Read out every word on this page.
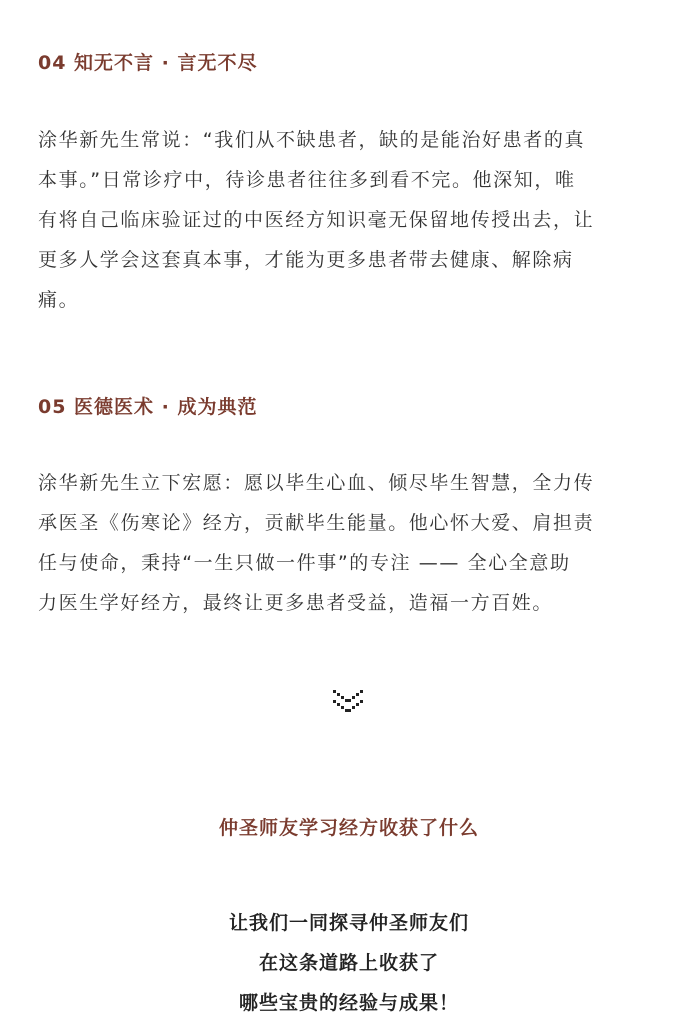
04 知无不言 · 言无不尽
涂华新先生常说：“我们从不缺患者，缺的是能治好患者的真
本事。”日常诊疗中，待诊患者往往多到看不完。他深知，唯
有将自己临床验证过的中医经方知识毫无保留地传授出去，让
更多人学会这套真本事，才能为更多患者带去健康、解除病
痛。
05 医德医术 · 成为典范
涂华新先生立下宏愿：愿以毕生心血、倾尽毕生智慧，全力传
承医圣《伤寒论》经方，贡献毕生能量。他心怀大爱、肩担责
任与使命，秉持“一生只做一件事”的专注 —— 全心全意助
力医生学好经方，最终让更多患者受益，造福一方百姓。
仲圣师友学习经方收获了什么
让我们一同探寻仲圣师友们
在这条道路上收获了
哪些宝贵的经验与成果！
